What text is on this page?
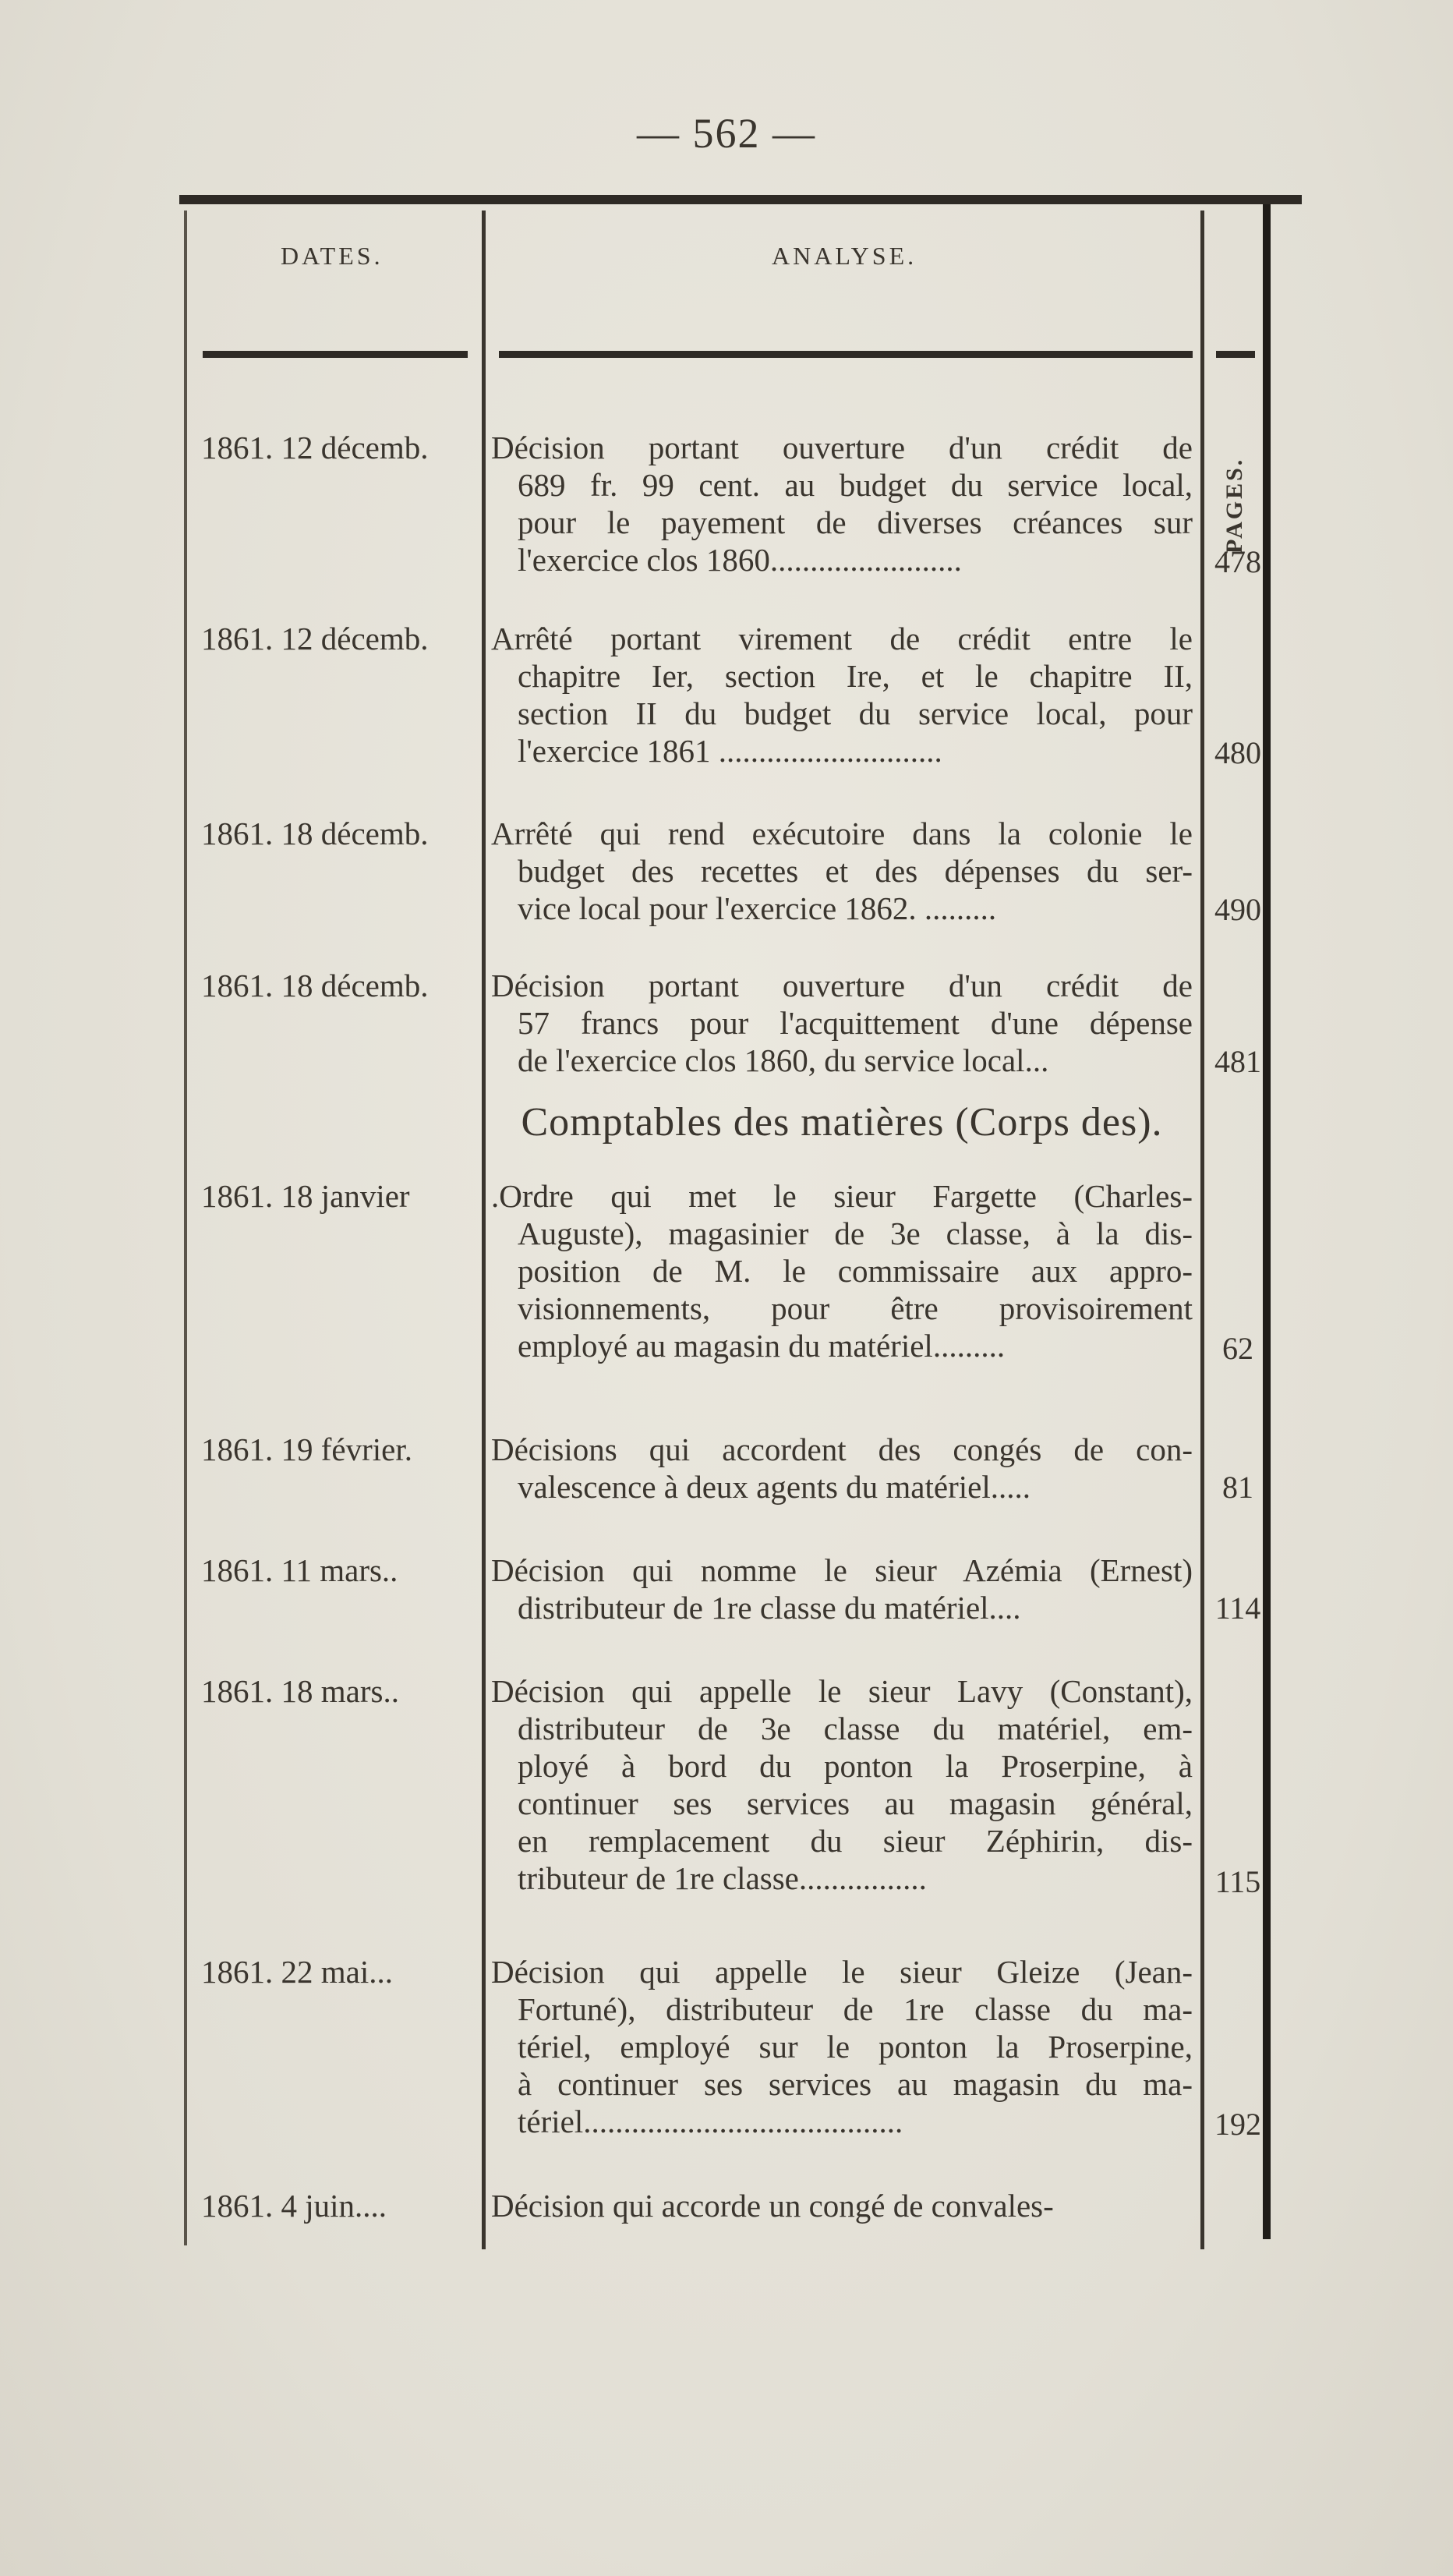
— 562 —
DATES.	ANALYSE.
PAGES.
1861. 12 décemb. Décision portant ouverture d'un crédit de
689 fr. 99 cent. au budget du service local,
pour le payement de diverses créances sur
l'exercice clos 1860........................	478
1861. 12 décemb. Arrêté portant virement de crédit entre le
chapitre Ier, section Ire, et le chapitre II,
section II du budget du service local, pour
l'exercice 1861 ............................	480
1861. 18 décemb. Arrêté qui rend exécutoire dans la colonie le
budget des recettes et des dépenses du ser-
vice local pour l'exercice 1862. .........	490
1861. 18 décemb. Décision portant ouverture d'un crédit de
57 francs pour l'acquittement d'une dépense
de l'exercice clos 1860, du service local...	481
Comptables des matières (Corps des).
1861. 18 janvier	.Ordre qui met le sieur Fargette (Charles-
Auguste), magasinier de 3e classe, à la dis-
position de M. le commissaire aux appro-
visionnements, pour être provisoirement
employé au magasin du matériel.........	62
1861. 19 février. Décisions qui accordent des congés de con-
valescence à deux agents du matériel.....	81
1861. 11 mars..	Décision qui nomme le sieur Azémia (Ernest)
distributeur de 1re classe du matériel....	114
1861. 18 mars..	Décision qui appelle le sieur Lavy (Constant),
distributeur de 3e classe du matériel, em-
ployé à bord du ponton la Proserpine, à
continuer ses services au magasin général,
en remplacement du sieur Zéphirin, dis-
tributeur de 1re classe................	115
1861. 22 mai...	Décision qui appelle le sieur Gleize (Jean-
Fortuné), distributeur de 1re classe du ma-
tériel, employé sur le ponton la Proserpine,
à continuer ses services au magasin du ma-
tériel........................................	192
1861. 4 juin....	Décision qui accorde un congé de convales-
